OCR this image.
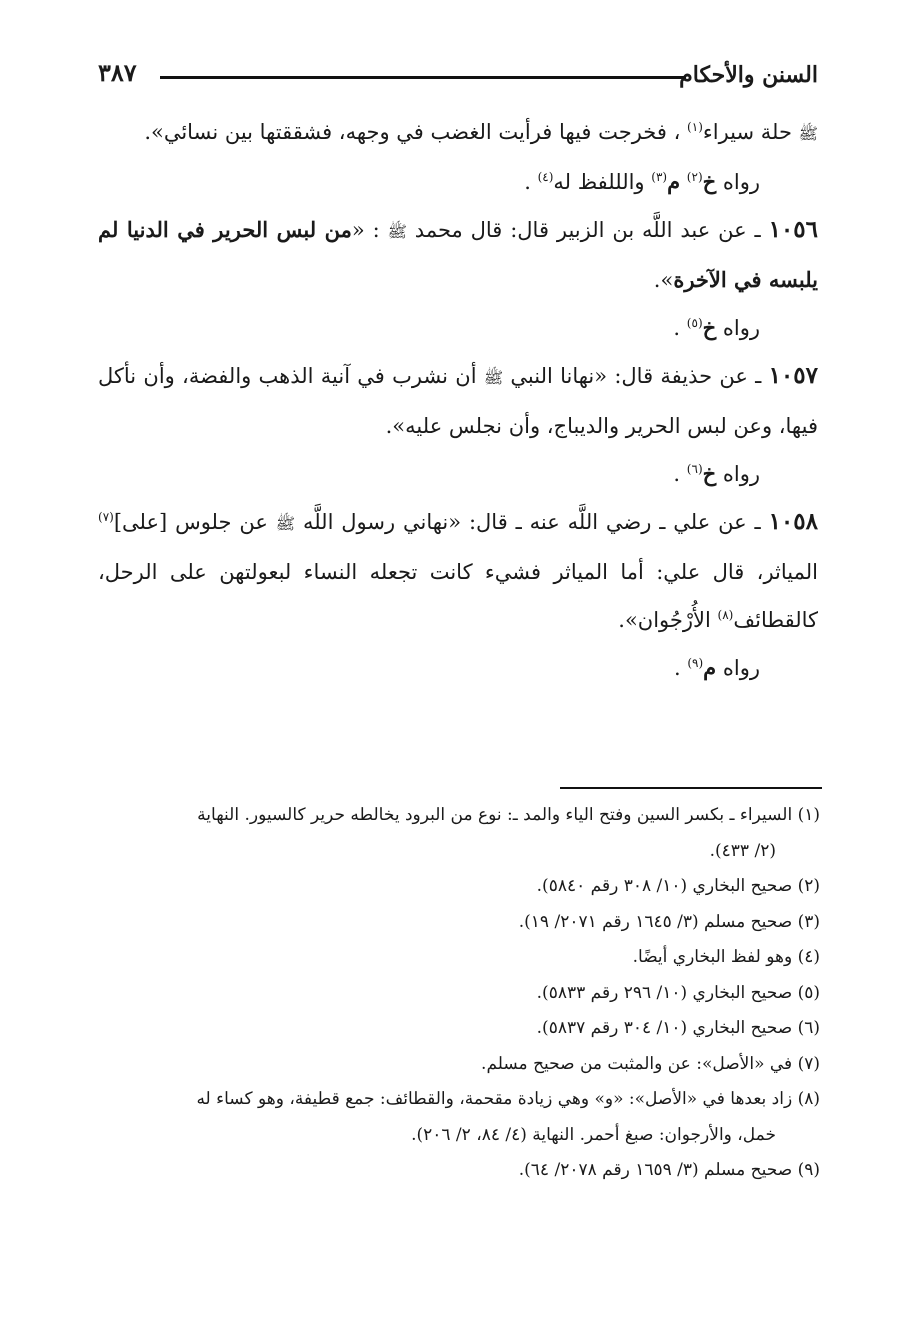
السنن والأحكام
٣٨٧

ﷺ حلة سيراء$^{(١)}$ ، فخرجت فيها فرأيت الغضب في وجهه، فشققتها بين نسائي».

رواه خ$^{(٢)}$ م$^{(٣)}$ والللفظ له$^{(٤)}$ .

١٠٥٦ ـ عن عبد اللَّه بن الزبير قال: قال محمد ﷺ : «من لبس الحرير في الدنيا لم يلبسه في الآخرة».

رواه خ$^{(٥)}$ .

١٠٥٧ ـ عن حذيفة قال: «نهانا النبي ﷺ أن نشرب في آنية الذهب والفضة، وأن نأكل فيها، وعن لبس الحرير والديباج، وأن نجلس عليه».

رواه خ$^{(٦)}$ .

١٠٥٨ ـ عن علي ـ رضي اللَّه عنه ـ قال: «نهاني رسول اللَّه ﷺ عن جلوس [على]$^{(٧)}$ المياثر، قال علي: أما المياثر فشيء كانت تجعله النساء لبعولتهن على الرحل، كالقطائف$^{(٨)}$ الأُرْجُوان».

رواه م$^{(٩)}$ .

(١) السيراء ـ بكسر السين وفتح الياء والمد ـ: نوع من البرود يخالطه حرير كالسيور. النهاية

(٢/ ٤٣٣).

(٢) صحيح البخاري (١٠/ ٣٠٨ رقم ٥٨٤٠).

(٣) صحيح مسلم (٣/ ١٦٤٥ رقم ٢٠٧١/ ١٩).

(٤) وهو لفظ البخاري أيضًا.

(٥) صحيح البخاري (١٠/ ٢٩٦ رقم ٥٨٣٣).

(٦) صحيح البخاري (١٠/ ٣٠٤ رقم ٥٨٣٧).

(٧) في «الأصل»: عن والمثبت من صحيح مسلم.

(٨) زاد بعدها في «الأصل»: «و» وهي زيادة مقحمة، والقطائف: جمع قطيفة، وهو كساء له

خمل، والأرجوان: صبغ أحمر. النهاية (٤/ ٨٤، ٢/ ٢٠٦).

(٩) صحيح مسلم (٣/ ١٦٥٩ رقم ٢٠٧٨/ ٦٤).
